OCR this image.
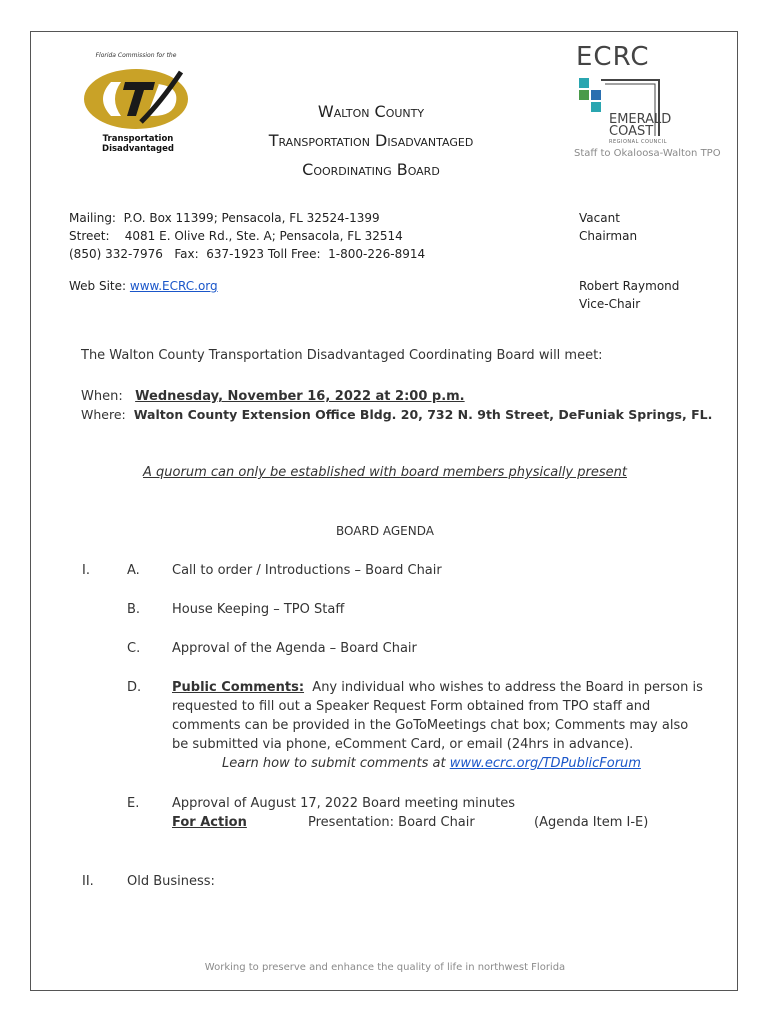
Florida Commission for the
Transportation Disadvantaged
Walton County
Transportation Disadvantaged
Coordinating Board
ECRC
EMERALD
COAST
REGIONAL COUNCIL
Staff to Okaloosa-Walton TPO
Mailing: P.O. Box 11399; Pensacola, FL 32524-1399
Street: 4081 E. Olive Rd., Ste. A; Pensacola, FL 32514
(850) 332-7976 Fax: 637-1923 Toll Free: 1-800-226-8914
Web Site: www.ECRC.org
Vacant
Chairman
Robert Raymond
Vice-Chair
The Walton County Transportation Disadvantaged Coordinating Board will meet:
When: Wednesday, November 16, 2022 at 2:00 p.m.
Where: Walton County Extension Office Bldg. 20, 732 N. 9th Street, DeFuniak Springs, FL.
A quorum can only be established with board members physically present
BOARD AGENDA
I.	A. Call to order / Introductions – Board Chair
B. House Keeping – TPO Staff
C. Approval of the Agenda – Board Chair
D. Public Comments: Any individual who wishes to address the Board in person is
requested to fill out a Speaker Request Form obtained from TPO staff and
comments can be provided in the GoToMeetings chat box; Comments may also
be submitted via phone, eComment Card, or email (24hrs in advance).
Learn how to submit comments at www.ecrc.org/TDPublicForum
E.	Approval of August 17, 2022 Board meeting minutes
For Action	Presentation: Board Chair	(Agenda Item I-E)
II.	Old Business:
Working to preserve and enhance the quality of life in northwest Florida
